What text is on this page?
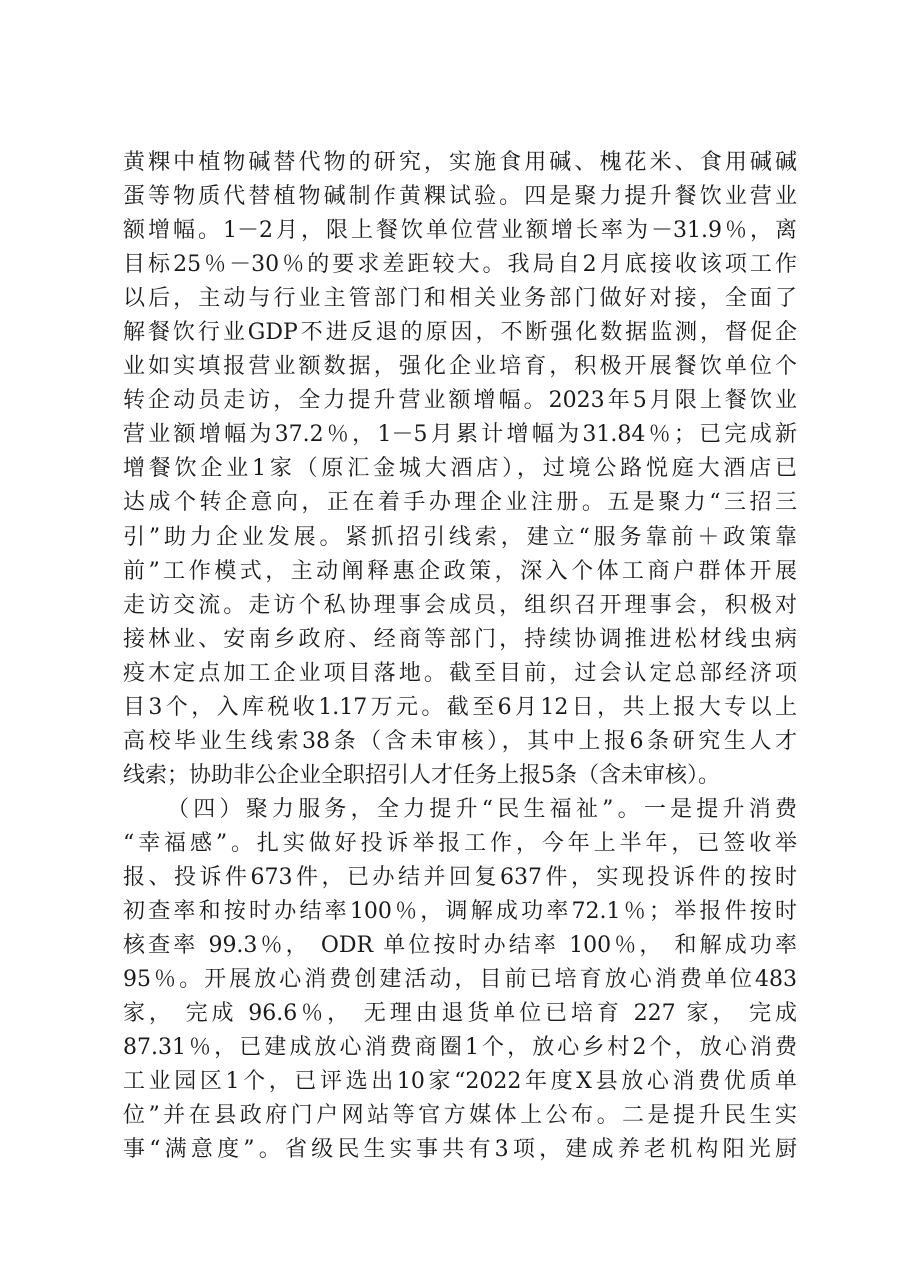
黄粿中植物碱替代物的研究，实施食用碱、槐花米、食用碱碱
蛋等物质代替植物碱制作黄粿试验。四是聚力提升餐饮业营业
额增幅。1－2月，限上餐饮单位营业额增长率为－31.9％，离
目标25％－30％的要求差距较大。我局自2月底接收该项工作
以后，主动与行业主管部门和相关业务部门做好对接，全面了
解餐饮行业GDP不进反退的原因，不断强化数据监测，督促企
业如实填报营业额数据，强化企业培育，积极开展餐饮单位个
转企动员走访，全力提升营业额增幅。2023年5月限上餐饮业
营业额增幅为37.2％，1－5月累计增幅为31.84％；已完成新
增餐饮企业1家（原汇金城大酒店），过境公路悦庭大酒店已
达成个转企意向，正在着手办理企业注册。五是聚力“三招三
引”助力企业发展。紧抓招引线索，建立“服务靠前＋政策靠
前”工作模式，主动阐释惠企政策，深入个体工商户群体开展
走访交流。走访个私协理事会成员，组织召开理事会，积极对
接林业、安南乡政府、经商等部门，持续协调推进松材线虫病
疫木定点加工企业项目落地。截至目前，过会认定总部经济项
目3个，入库税收1.17万元。截至6月12日，共上报大专以上
高校毕业生线索38条（含未审核），其中上报6条研究生人才
线索；协助非公企业全职招引人才任务上报5条（含未审核）。
（四）聚力服务，全力提升“民生福祉”。一是提升消费
“幸福感”。扎实做好投诉举报工作，今年上半年，已签收举
报、投诉件673件，已办结并回复637件，实现投诉件的按时
初查率和按时办结率100％，调解成功率72.1％；举报件按时
核查率 99.3％， ODR 单位按时办结率 100％， 和解成功率
95％。开展放心消费创建活动，目前已培育放心消费单位483
家， 完成 96.6％， 无理由退货单位已培育 227 家， 完成
87.31％，已建成放心消费商圈1个，放心乡村2个，放心消费
工业园区1个，已评选出10家“2022年度X县放心消费优质单
位”并在县政府门户网站等官方媒体上公布。二是提升民生实
事“满意度”。省级民生实事共有3项，建成养老机构阳光厨
